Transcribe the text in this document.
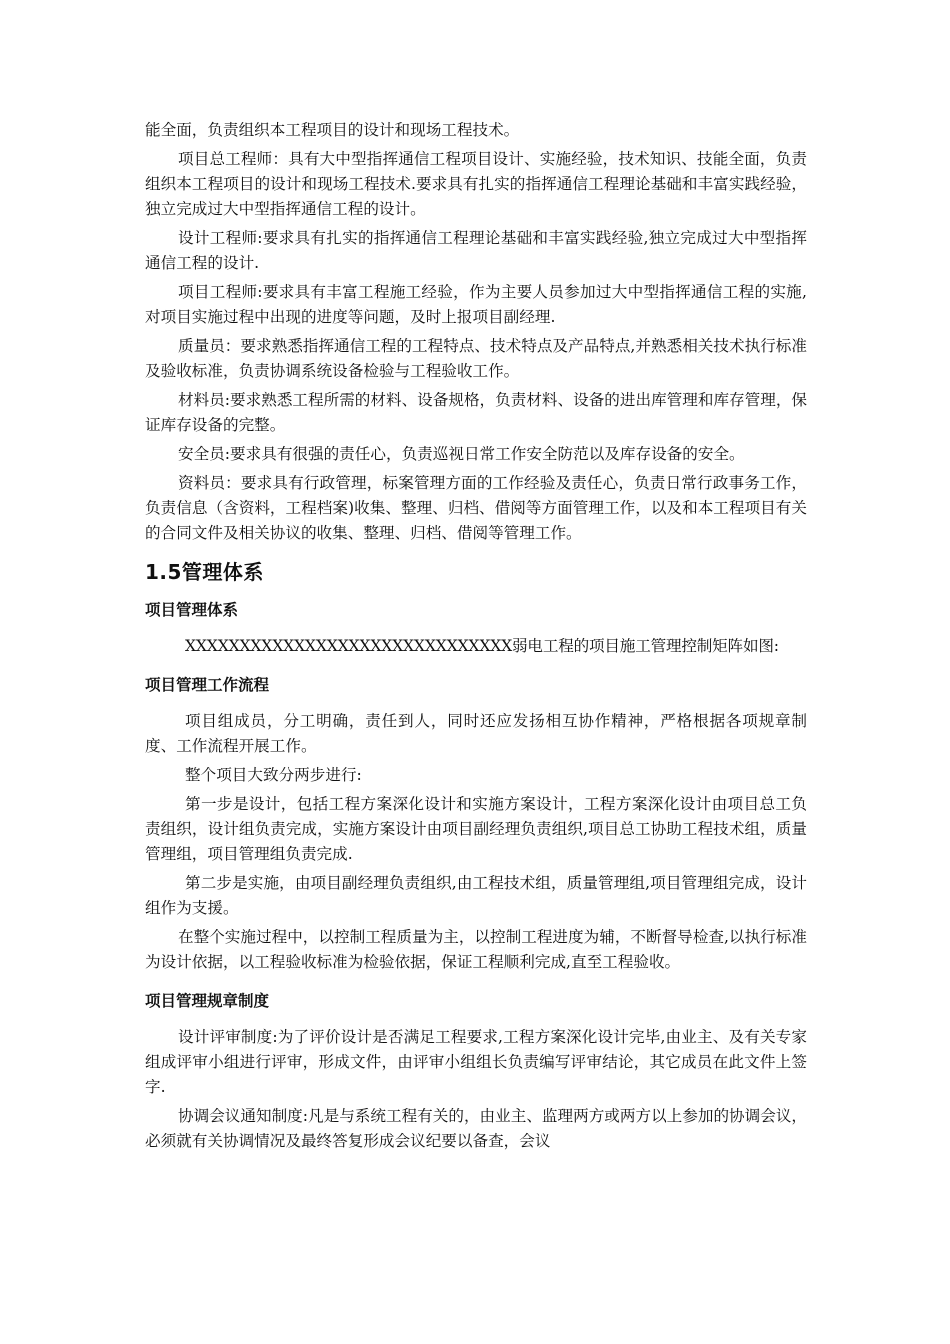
能全面，负责组织本工程项目的设计和现场工程技术。

项目总工程师：具有大中型指挥通信工程项目设计、实施经验，技术知识、技能全面，负责组织本工程项目的设计和现场工程技术.要求具有扎实的指挥通信工程理论基础和丰富实践经验，独立完成过大中型指挥通信工程的设计。

设计工程师:要求具有扎实的指挥通信工程理论基础和丰富实践经验,独立完成过大中型指挥通信工程的设计.

项目工程师:要求具有丰富工程施工经验，作为主要人员参加过大中型指挥通信工程的实施,对项目实施过程中出现的进度等问题，及时上报项目副经理.

质量员：要求熟悉指挥通信工程的工程特点、技术特点及产品特点,并熟悉相关技术执行标准及验收标准，负责协调系统设备检验与工程验收工作。

材料员:要求熟悉工程所需的材料、设备规格，负责材料、设备的进出库管理和库存管理，保证库存设备的完整。

安全员:要求具有很强的责任心，负责巡视日常工作安全防范以及库存设备的安全。

资料员：要求具有行政管理，标案管理方面的工作经验及责任心，负责日常行政事务工作，负责信息（含资料，工程档案)收集、整理、归档、借阅等方面管理工作，以及和本工程项目有关的合同文件及相关协议的收集、整理、归档、借阅等管理工作。

1.5管理体系
项目管理体系

XXXXXXXXXXXXXXXXXXXXXXXXXXXXXX弱电工程的项目施工管理控制矩阵如图:

项目管理工作流程

项目组成员，分工明确，责任到人，同时还应发扬相互协作精神，严格根据各项规章制度、工作流程开展工作。

整个项目大致分两步进行:

第一步是设计，包括工程方案深化设计和实施方案设计，工程方案深化设计由项目总工负责组织，设计组负责完成，实施方案设计由项目副经理负责组织,项目总工协助工程技术组，质量管理组，项目管理组负责完成.

第二步是实施，由项目副经理负责组织,由工程技术组，质量管理组,项目管理组完成，设计组作为支援。

在整个实施过程中，以控制工程质量为主，以控制工程进度为辅，不断督导检查,以执行标准为设计依据，以工程验收标准为检验依据，保证工程顺利完成,直至工程验收。

项目管理规章制度

设计评审制度:为了评价设计是否满足工程要求,工程方案深化设计完毕,由业主、及有关专家组成评审小组进行评审，形成文件，由评审小组组长负责编写评审结论，其它成员在此文件上签字.

协调会议通知制度:凡是与系统工程有关的，由业主、监理两方或两方以上参加的协调会议，必须就有关协调情况及最终答复形成会议纪要以备查，会议
